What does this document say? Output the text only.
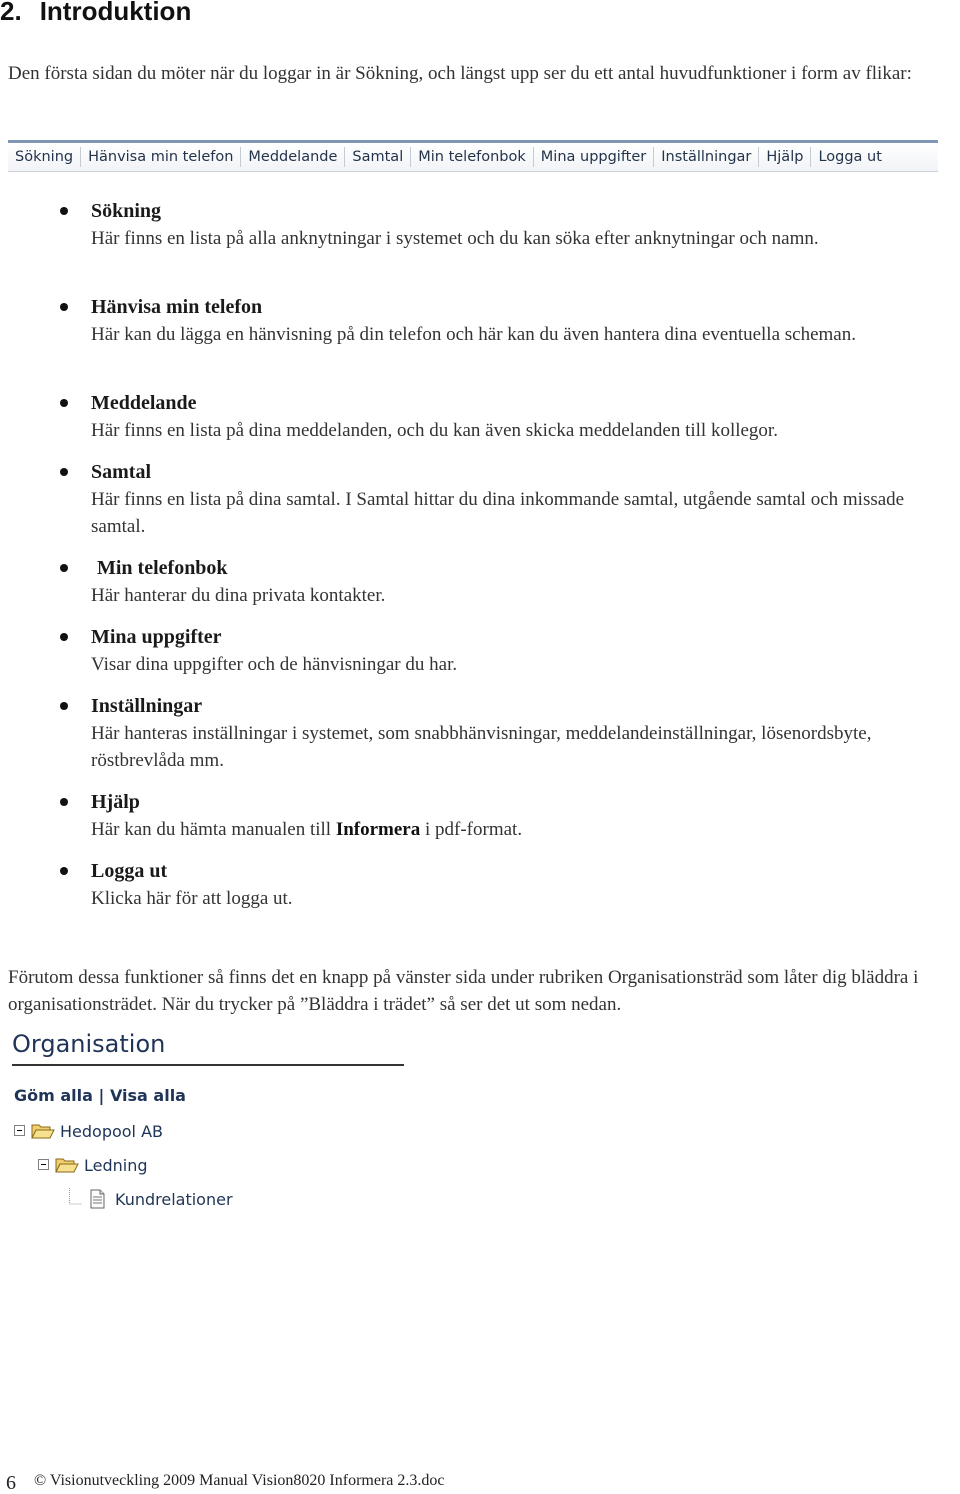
2. Introduktion

Den första sidan du möter när du loggar in är Sökning, och längst upp ser du ett antal huvudfunktioner i form av flikar:

Sökning	Hänvisa min telefon	Meddelande	Samtal	Min telefonbok	Mina uppgifter	Inställningar	Hjälp	Logga ut
Sökning
Här finns en lista på alla anknytningar i systemet och du kan söka efter anknytningar och namn.
Hänvisa min telefon
Här kan du lägga en hänvisning på din telefon och här kan du även hantera dina eventuella scheman.
Meddelande
Här finns en lista på dina meddelanden, och du kan även skicka meddelanden till kollegor.
Samtal
Här finns en lista på dina samtal. I Samtal hittar du dina inkommande samtal, utgående samtal och missade samtal.
Min telefonbok
Här hanterar du dina privata kontakter.
Mina uppgifter
Visar dina uppgifter och de hänvisningar du har.
Inställningar
Här hanteras inställningar i systemet, som snabbhänvisningar, meddelandeinställningar, lösenordsbyte, röstbrevlåda mm.
Hjälp
Här kan du hämta manualen till Informera i pdf-format.
Logga ut
Klicka här för att logga ut.

Förutom dessa funktioner så finns det en knapp på vänster sida under rubriken Organisationsträd som låter dig bläddra i organisationsträdet. När du trycker på ”Bläddra i trädet” så ser det ut som nedan.

Organisation
Göm alla | Visa alla
Hedopool AB
Ledning
Kundrelationer
6 © Visionutveckling 2009 Manual Vision8020 Informera 2.3.doc
